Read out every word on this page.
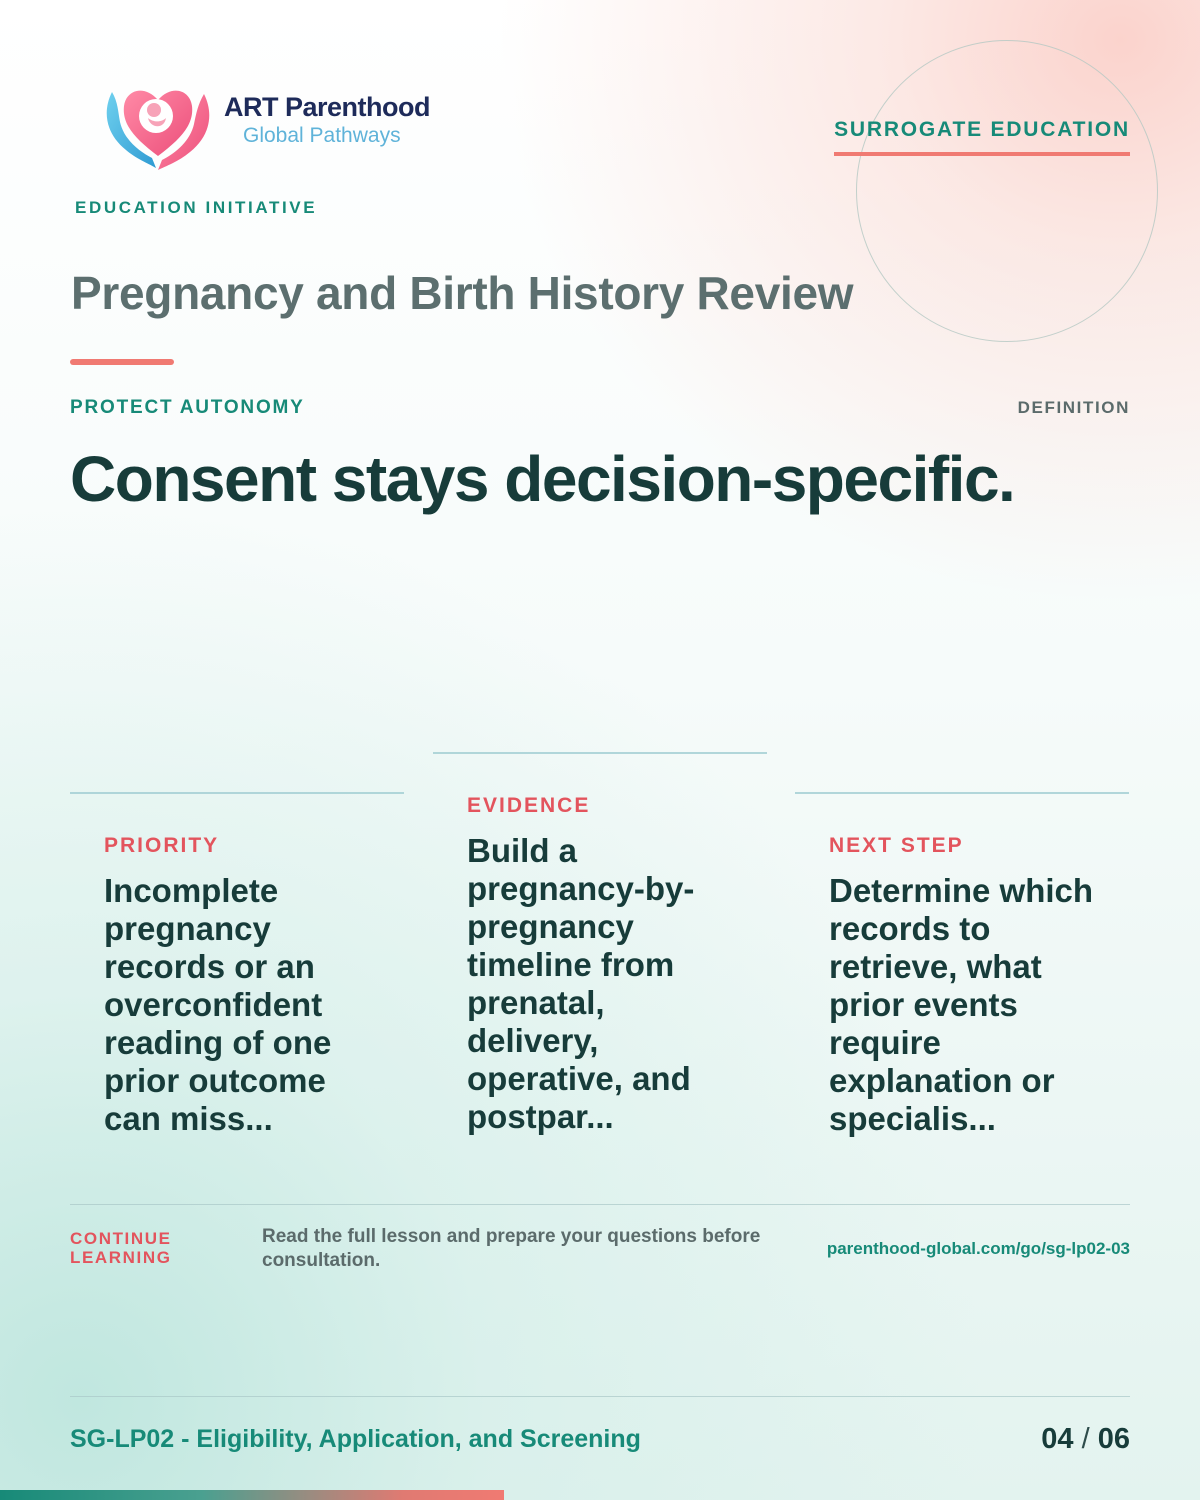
ART Parenthood
Global Pathways
EDUCATION INITIATIVE
SURROGATE EDUCATION
Pregnancy and Birth History Review
PROTECT AUTONOMY	DEFINITION
Consent stays decision-specific.
PRIORITY
Incomplete pregnancy records or an overconfident reading of one prior outcome can miss...
EVIDENCE
Build a pregnancy-by-pregnancy timeline from prenatal, delivery, operative, and postpar...
NEXT STEP
Determine which records to retrieve, what prior events require explanation or specialis...
CONTINUE LEARNING
Read the full lesson and prepare your questions before consultation.
parenthood-global.com/go/sg-lp02-03
SG-LP02 - Eligibility, Application, and Screening	04 / 06
